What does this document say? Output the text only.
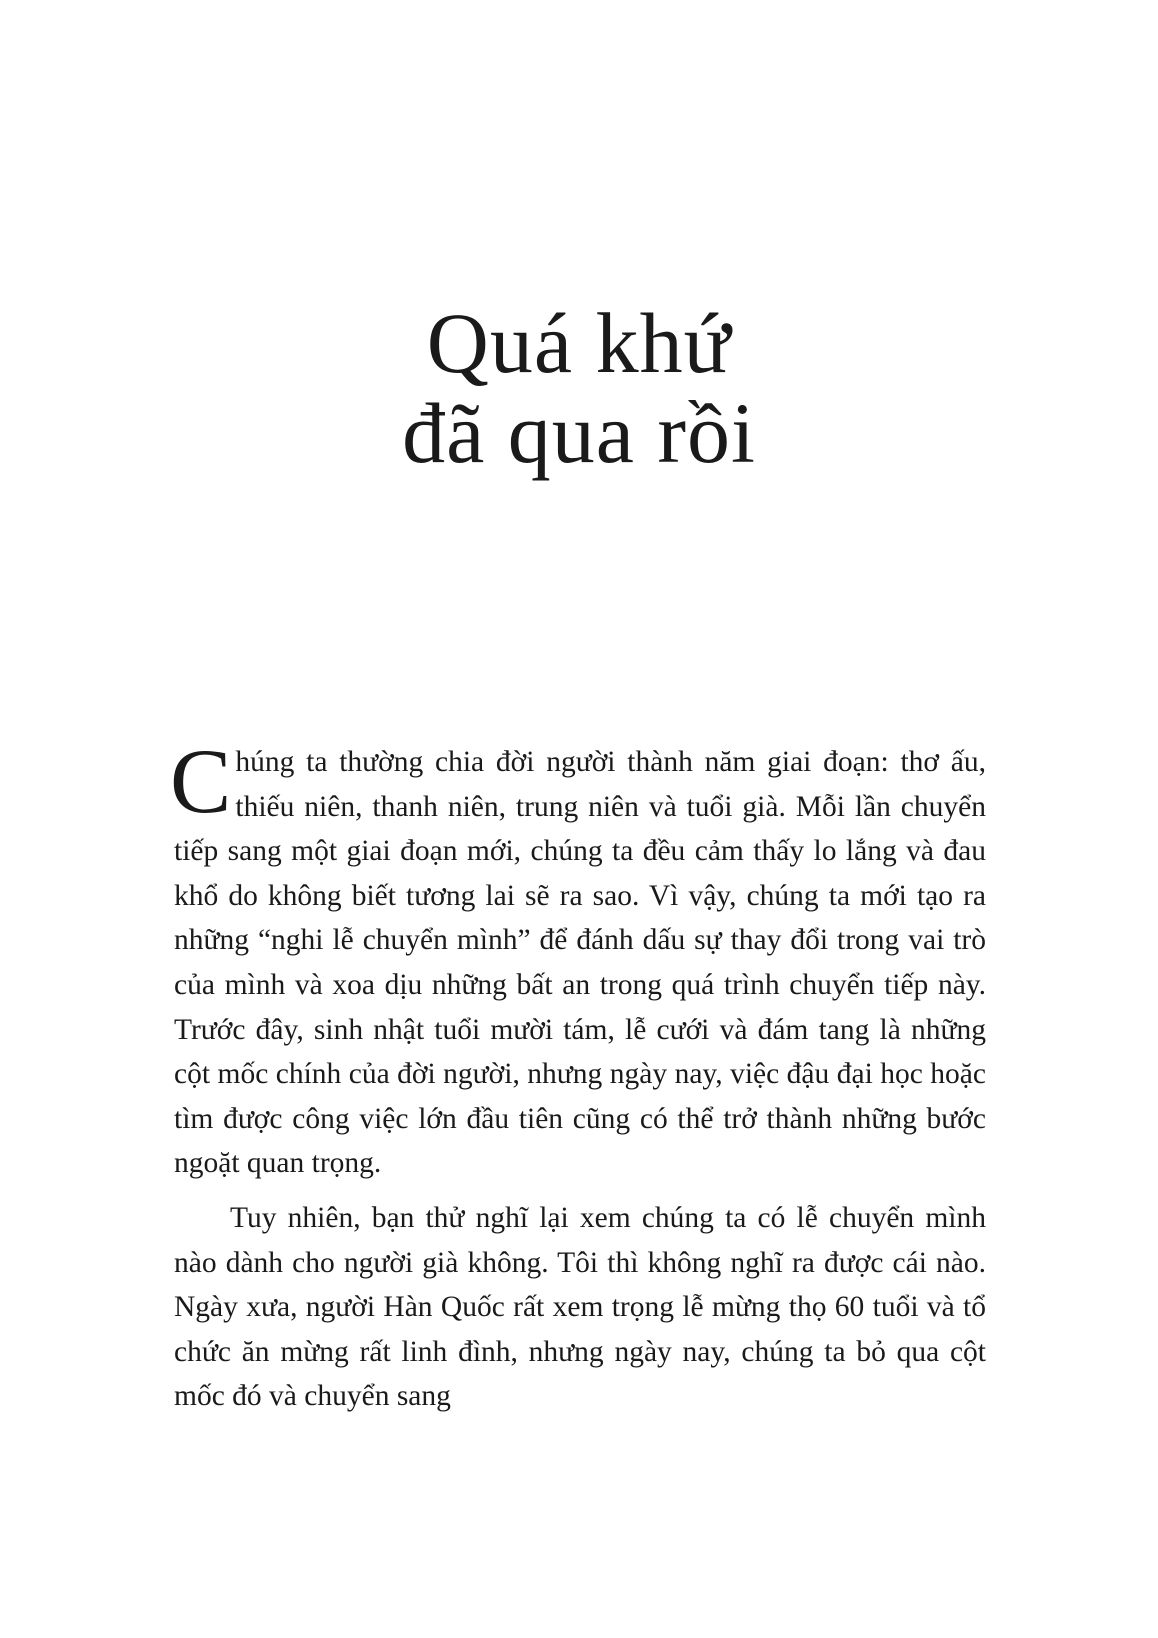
Quá khứ
đã qua rồi

Chúng ta thường chia đời người thành năm giai đoạn: thơ ấu, thiếu niên, thanh niên, trung niên và tuổi già. Mỗi lần chuyển tiếp sang một giai đoạn mới, chúng ta đều cảm thấy lo lắng và đau khổ do không biết tương lai sẽ ra sao. Vì vậy, chúng ta mới tạo ra những “nghi lễ chuyển mình” để đánh dấu sự thay đổi trong vai trò của mình và xoa dịu những bất an trong quá trình chuyển tiếp này. Trước đây, sinh nhật tuổi mười tám, lễ cưới và đám tang là những cột mốc chính của đời người, nhưng ngày nay, việc đậu đại học hoặc tìm được công việc lớn đầu tiên cũng có thể trở thành những bước ngoặt quan trọng.

Tuy nhiên, bạn thử nghĩ lại xem chúng ta có lễ chuyển mình nào dành cho người già không. Tôi thì không nghĩ ra được cái nào. Ngày xưa, người Hàn Quốc rất xem trọng lễ mừng thọ 60 tuổi và tổ chức ăn mừng rất linh đình, nhưng ngày nay, chúng ta bỏ qua cột mốc đó và chuyển sang
